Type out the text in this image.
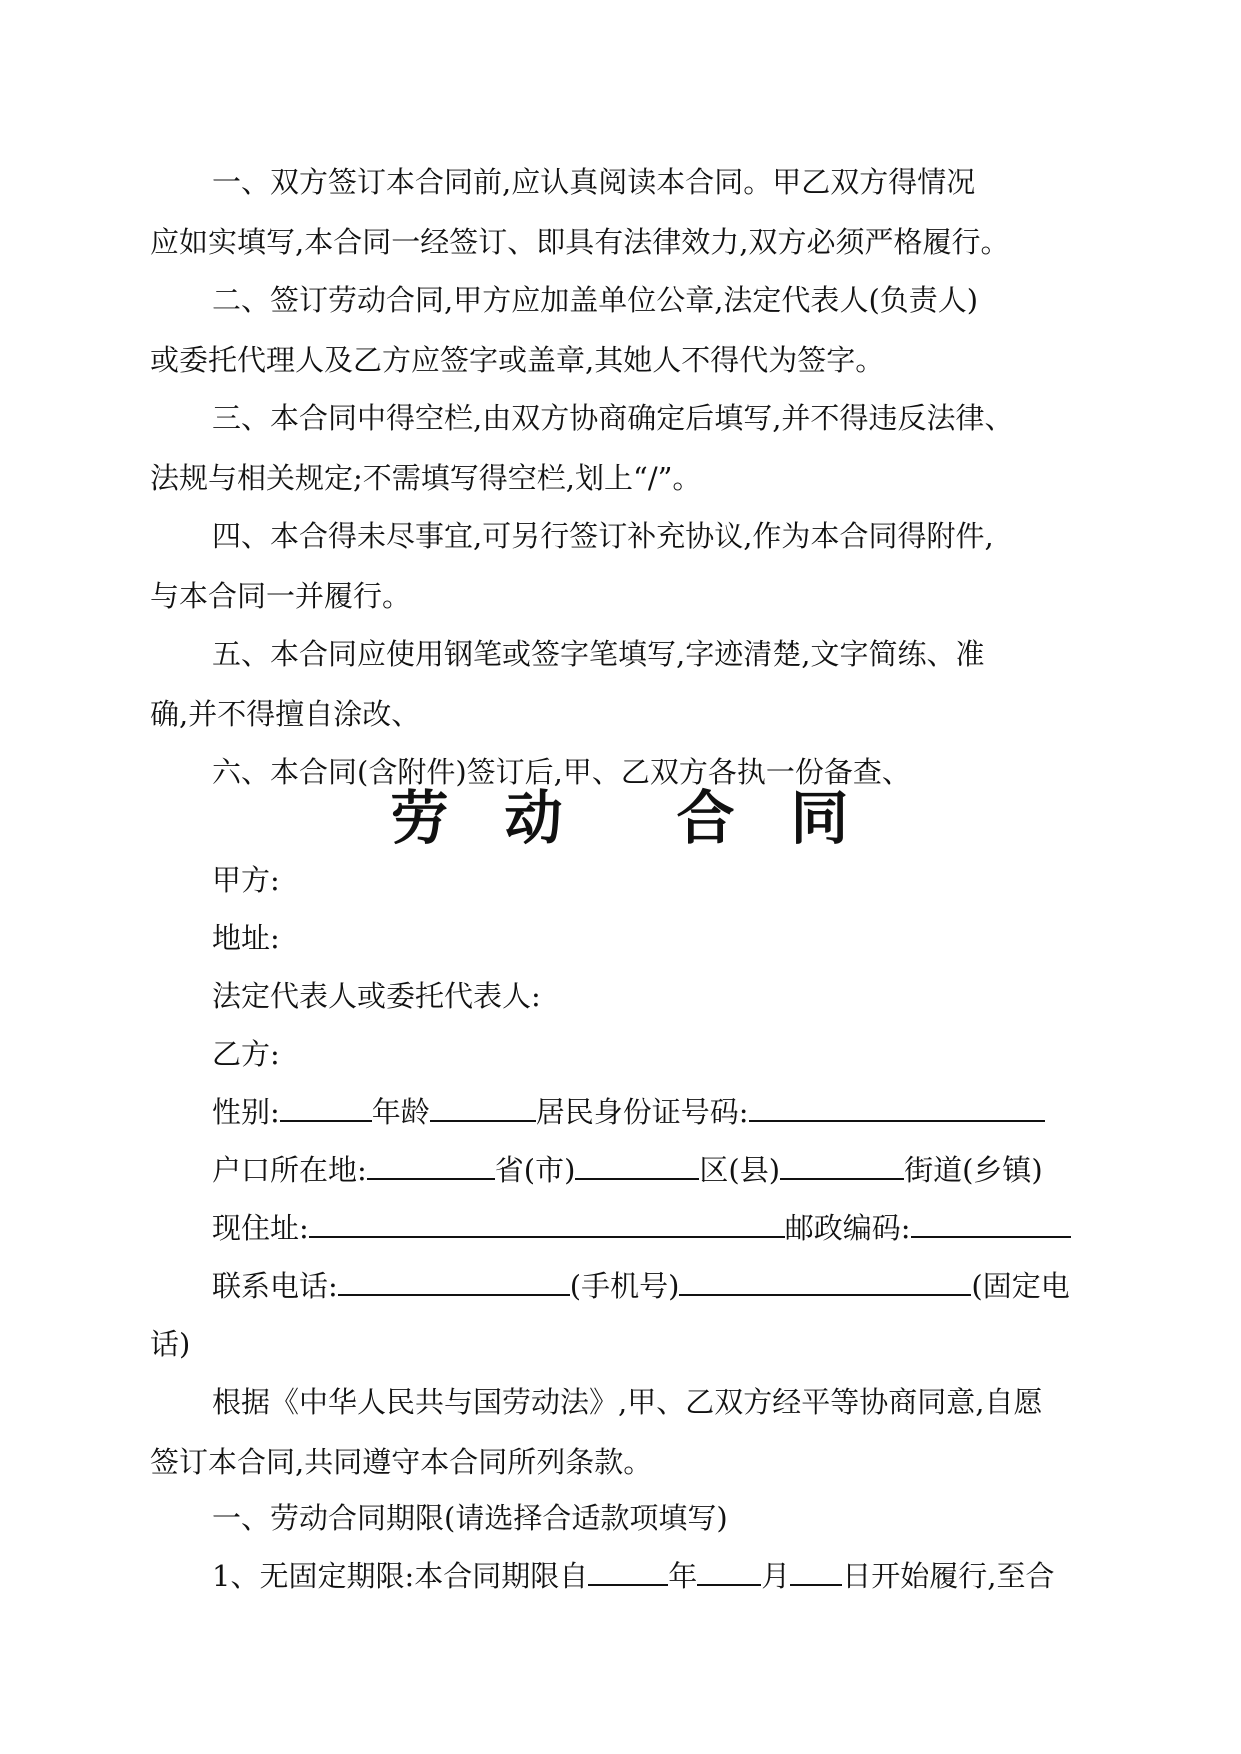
一、双方签订本合同前,应认真阅读本合同。甲乙双方得情况
应如实填写,本合同一经签订、即具有法律效力,双方必须严格履行。
二、签订劳动合同,甲方应加盖单位公章,法定代表人(负责人)
或委托代理人及乙方应签字或盖章,其她人不得代为签字。
三、本合同中得空栏,由双方协商确定后填写,并不得违反法律、
法规与相关规定;不需填写得空栏,划上“/”。
四、本合得未尽事宜,可另行签订补充协议,作为本合同得附件,
与本合同一并履行。
五、本合同应使用钢笔或签字笔填写,字迹清楚,文字简练、准
确,并不得擅自涂改、
六、本合同(含附件)签订后,甲、乙双方各执一份备查、
劳 动 合 同

甲方:

地址:

法定代表人或委托代表人:

乙方:

性别:	年龄	居民身份证号码:

户口所在地:	省(市)	区(县)	街道(乡镇)

现住址:	邮政编码:

联系电话:	(手机号)	(固定电

话)

根据《中华人民共与国劳动法》,甲、乙双方经平等协商同意,自愿
签订本合同,共同遵守本合同所列条款。

一、劳动合同期限(请选择合适款项填写)

1、无固定期限:本合同期限自	年 月 日开始履行,至合
